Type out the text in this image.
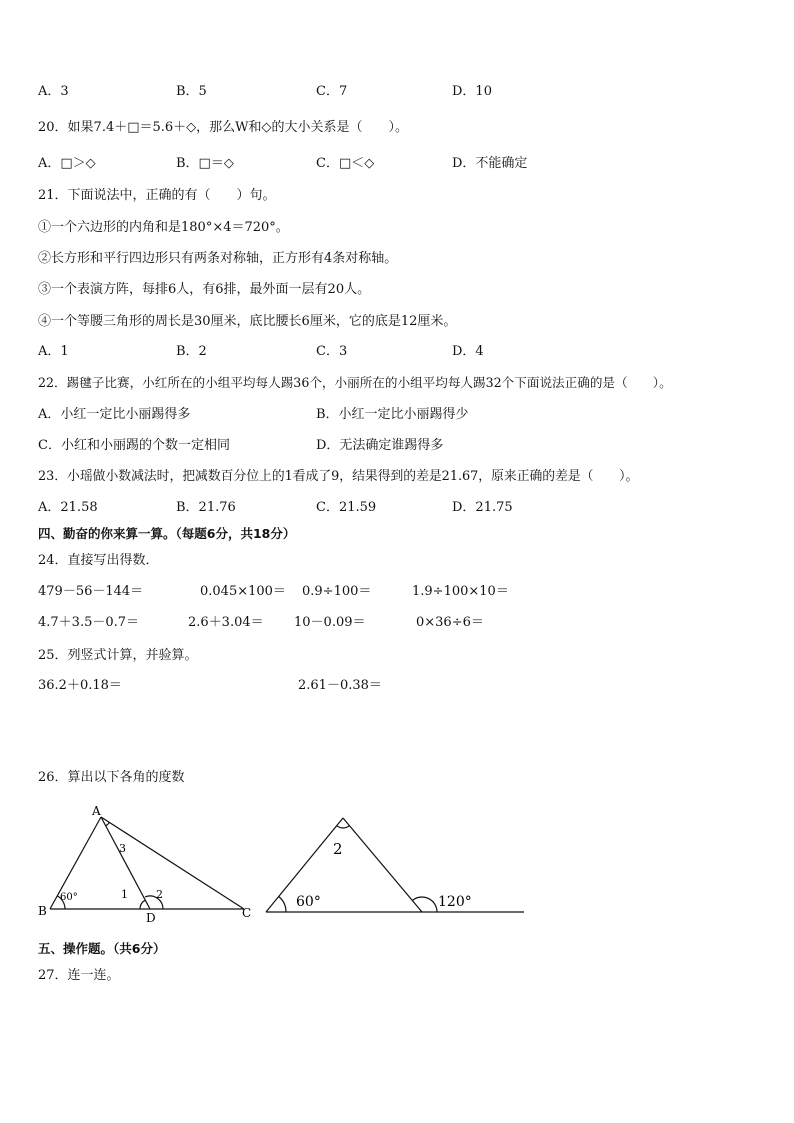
A．3	B．5	C．7	D．10
20．如果7.4＋□＝5.6＋◇，那么W和◇的大小关系是（　　）。
A．□＞◇	B．□＝◇	C．□＜◇	D．不能确定
21．下面说法中，正确的有（　　）句。
①一个六边形的内角和是180°×4＝720°。
②长方形和平行四边形只有两条对称轴，正方形有4条对称轴。
③一个表演方阵，每排6人，有6排，最外面一层有20人。
④一个等腰三角形的周长是30厘米，底比腰长6厘米，它的底是12厘米。
A．1	B．2	C．3	D．4
22．踢毽子比赛，小红所在的小组平均每人踢36个，小丽所在的小组平均每人踢32个下面说法正确的是（　　）。
A．小红一定比小丽踢得多	B．小红一定比小丽踢得少
C．小红和小丽踢的个数一定相同	D．无法确定谁踢得多
23．小瑶做小数减法时，把减数百分位上的1看成了9，结果得到的差是21.67，原来正确的差是（　　）。
A．21.58	B．21.76	C．21.59	D．21.75
四、勤奋的你来算一算。（每题6分，共18分）
24．直接写出得数．
479－56－144＝	0.045×100＝ 0.9÷100＝	1.9÷100×10＝
4.7＋3.5－0.7＝	2.6＋3.04＝ 10－0.09＝	0×36÷6＝
25．列竖式计算，并验算。
36.2＋0.18＝	2.61－0.38＝
26．算出以下各角的度数
A
B	C
D
60°	1	2
3	2
60°	120°
五、操作题。（共6分）
27．连一连。
